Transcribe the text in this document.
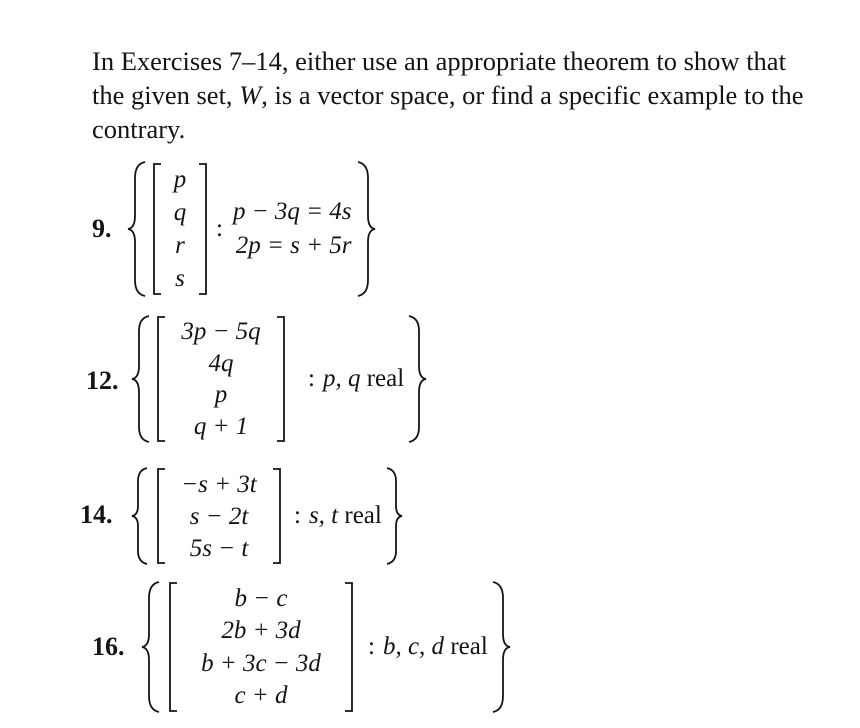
In Exercises 7–14, either use an appropriate theorem to show that the given set, W, is a vector space, or find a specific example to the contrary.
9.
p
q
r
s
:
p − 3q = 4s
2p = s + 5r
12.
3p − 5q
4q
p
q + 1
: p, q real
14.
−s + 3t
s − 2t
5s − t
: s, t real
16.
b − c
2b + 3d
b + 3c − 3d
c + d
: b, c, d real
